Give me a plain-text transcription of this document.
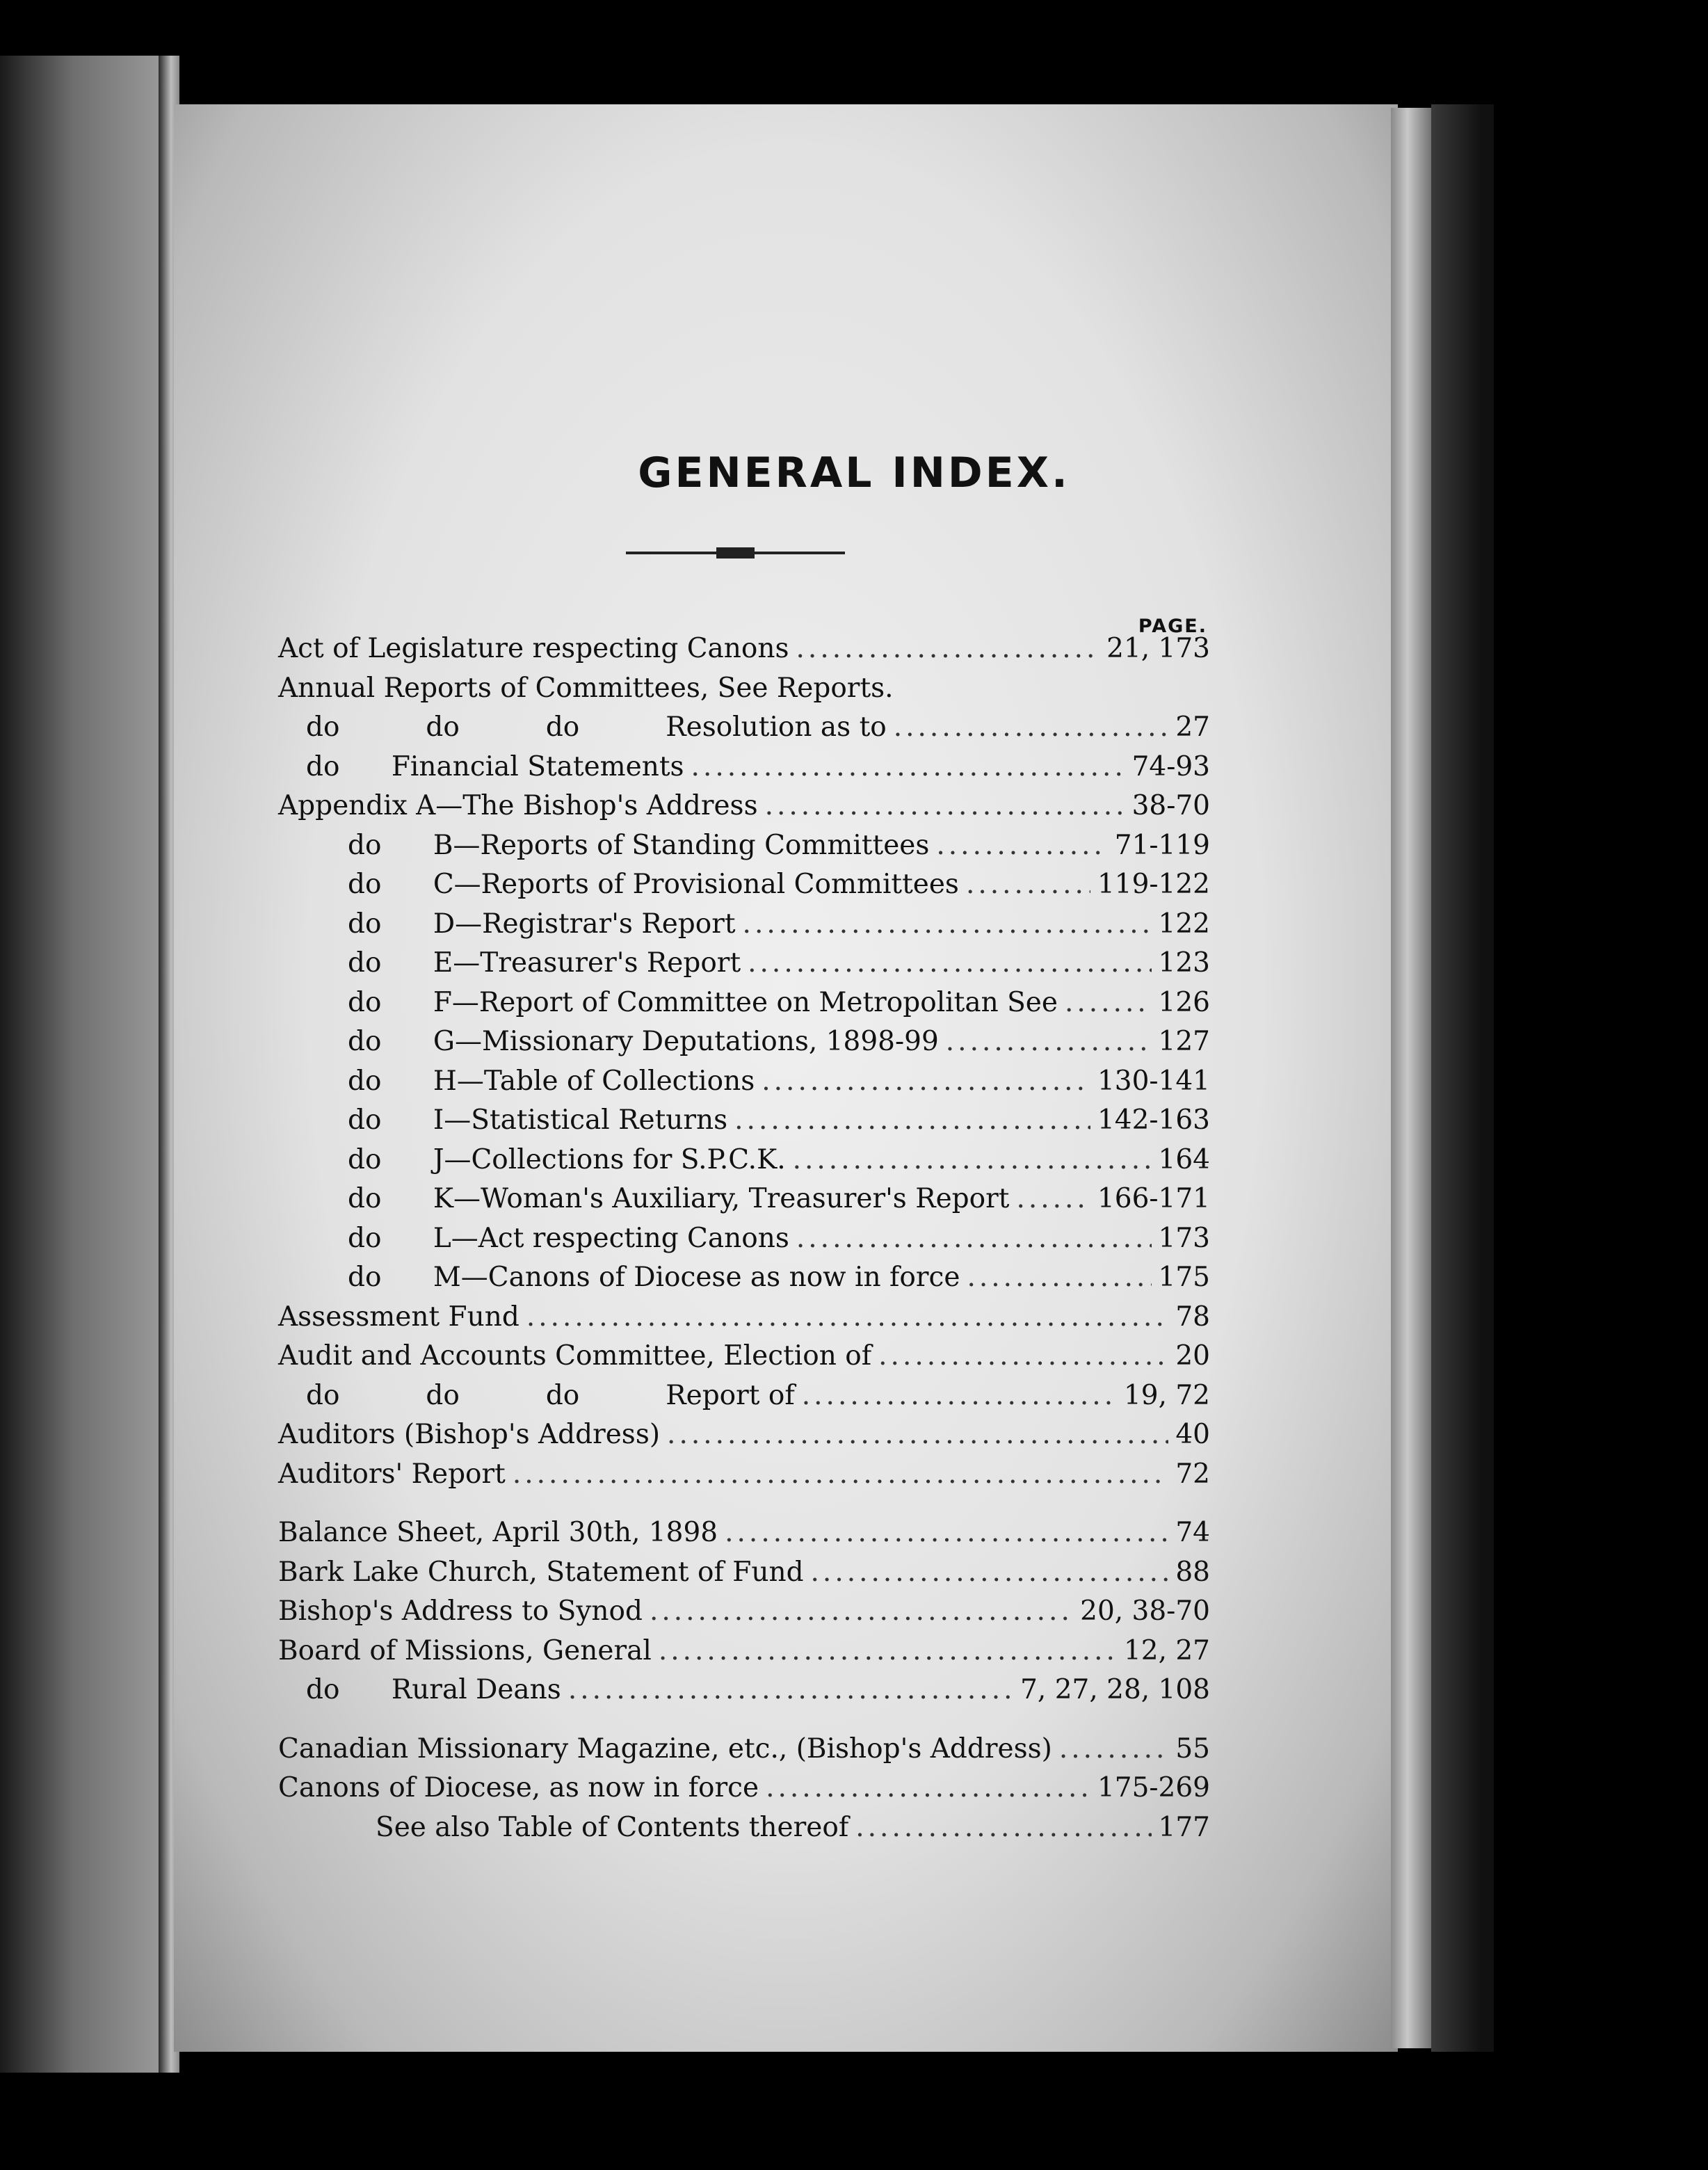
GENERAL INDEX.
PAGE.
Act of Legislature respecting Canons .....	21, 173
Annual Reports of Committees, See Reports.
do          do          do          Resolution as to .....	27
do      Financial Statements .....	74-93
Appendix A—The Bishop's Address .....	38-70
do      B—Reports of Standing Committees .....	71-119
do      C—Reports of Provisional Committees .....	119-122
do      D—Registrar's Report .....	122
do      E—Treasurer's Report .....	123
do      F—Report of Committee on Metropolitan See .....	126
do      G—Missionary Deputations, 1898-99 .....	127
do      H—Table of Collections .....	130-141
do      I—Statistical Returns .....	142-163
do      J—Collections for S.P.C.K. .....	164
do      K—Woman's Auxiliary, Treasurer's Report .....	166-171
do      L—Act respecting Canons .....	173
do      M—Canons of Diocese as now in force .....	175
Assessment Fund .....	78
Audit and Accounts Committee, Election of .....	20
do          do          do          Report of .....	19, 72
Auditors (Bishop's Address) .....	40
Auditors' Report .....	72
Balance Sheet, April 30th, 1898 .....	74
Bark Lake Church, Statement of Fund .....	88
Bishop's Address to Synod .....	20, 38-70
Board of Missions, General .....	12, 27
do      Rural Deans .....	7, 27, 28, 108
Canadian Missionary Magazine, etc., (Bishop's Address) .....	55
Canons of Diocese, as now in force .....	175-269
See also Table of Contents thereof .....	177
